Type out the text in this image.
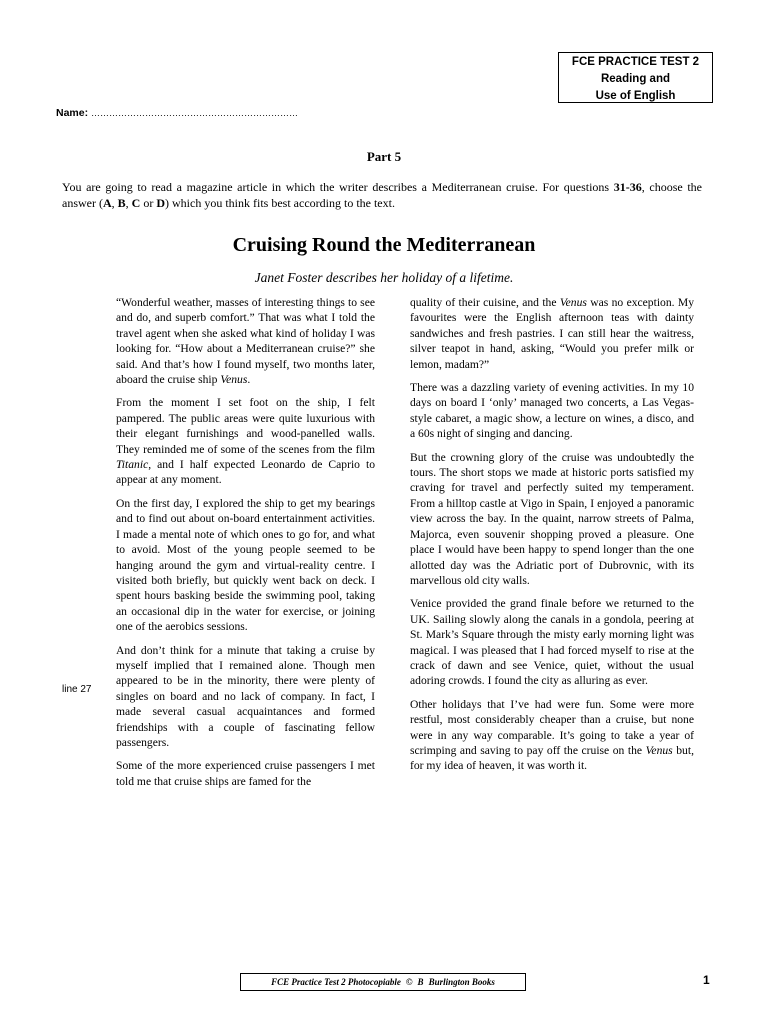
FCE PRACTICE TEST 2
Reading and
Use of English
Name: ……………………………………………………………
Part 5
You are going to read a magazine article in which the writer describes a Mediterranean cruise. For questions 31-36, choose the answer (A, B, C or D) which you think fits best according to the text.
Cruising Round the Mediterranean
Janet Foster describes her holiday of a lifetime.
line 27

“Wonderful weather, masses of interesting things to see and do, and superb comfort.” That was what I told the travel agent when she asked what kind of holiday I was looking for. “How about a Mediterranean cruise?” she said. And that’s how I found myself, two months later, aboard the cruise ship Venus.

From the moment I set foot on the ship, I felt pampered. The public areas were quite luxurious with their elegant furnishings and wood-panelled walls. They reminded me of some of the scenes from the film Titanic, and I half expected Leonardo de Caprio to appear at any moment.

On the first day, I explored the ship to get my bearings and to find out about on-board entertainment activities. I made a mental note of which ones to go for, and what to avoid. Most of the young people seemed to be hanging around the gym and virtual-reality centre. I visited both briefly, but quickly went back on deck. I spent hours basking beside the swimming pool, taking an occasional dip in the water for exercise, or joining one of the aerobics sessions.

And don’t think for a minute that taking a cruise by myself implied that I remained alone. Though men appeared to be in the minority, there were plenty of singles on board and no lack of company. In fact, I made several casual acquaintances and formed friendships with a couple of fascinating fellow passengers.

Some of the more experienced cruise passengers I met told me that cruise ships are famed for the

quality of their cuisine, and the Venus was no exception. My favourites were the English afternoon teas with dainty sandwiches and fresh pastries. I can still hear the waitress, silver teapot in hand, asking, “Would you prefer milk or lemon, madam?”

There was a dazzling variety of evening activities. In my 10 days on board I ‘only’ managed two concerts, a Las Vegas-style cabaret, a magic show, a lecture on wines, a disco, and a 60s night of singing and dancing.

But the crowning glory of the cruise was undoubtedly the tours. The short stops we made at historic ports satisfied my craving for travel and perfectly suited my temperament. From a hilltop castle at Vigo in Spain, I enjoyed a panoramic view across the bay. In the quaint, narrow streets of Palma, Majorca, even souvenir shopping proved a pleasure. One place I would have been happy to spend longer than the one allotted day was the Adriatic port of Dubrovnic, with its marvellous old city walls.

Venice provided the grand finale before we returned to the UK. Sailing slowly along the canals in a gondola, peering at St. Mark’s Square through the misty early morning light was magical. I was pleased that I had forced myself to rise at the crack of dawn and see Venice, quiet, without the usual adoring crowds. I found the city as alluring as ever.

Other holidays that I’ve had were fun. Some were more restful, most considerably cheaper than a cruise, but none were in any way comparable. It’s going to take a year of scrimping and saving to pay off the cruise on the Venus but, for my idea of heaven, it was worth it.

FCE Practice Test 2 Photocopiable © B Burlington Books	1
